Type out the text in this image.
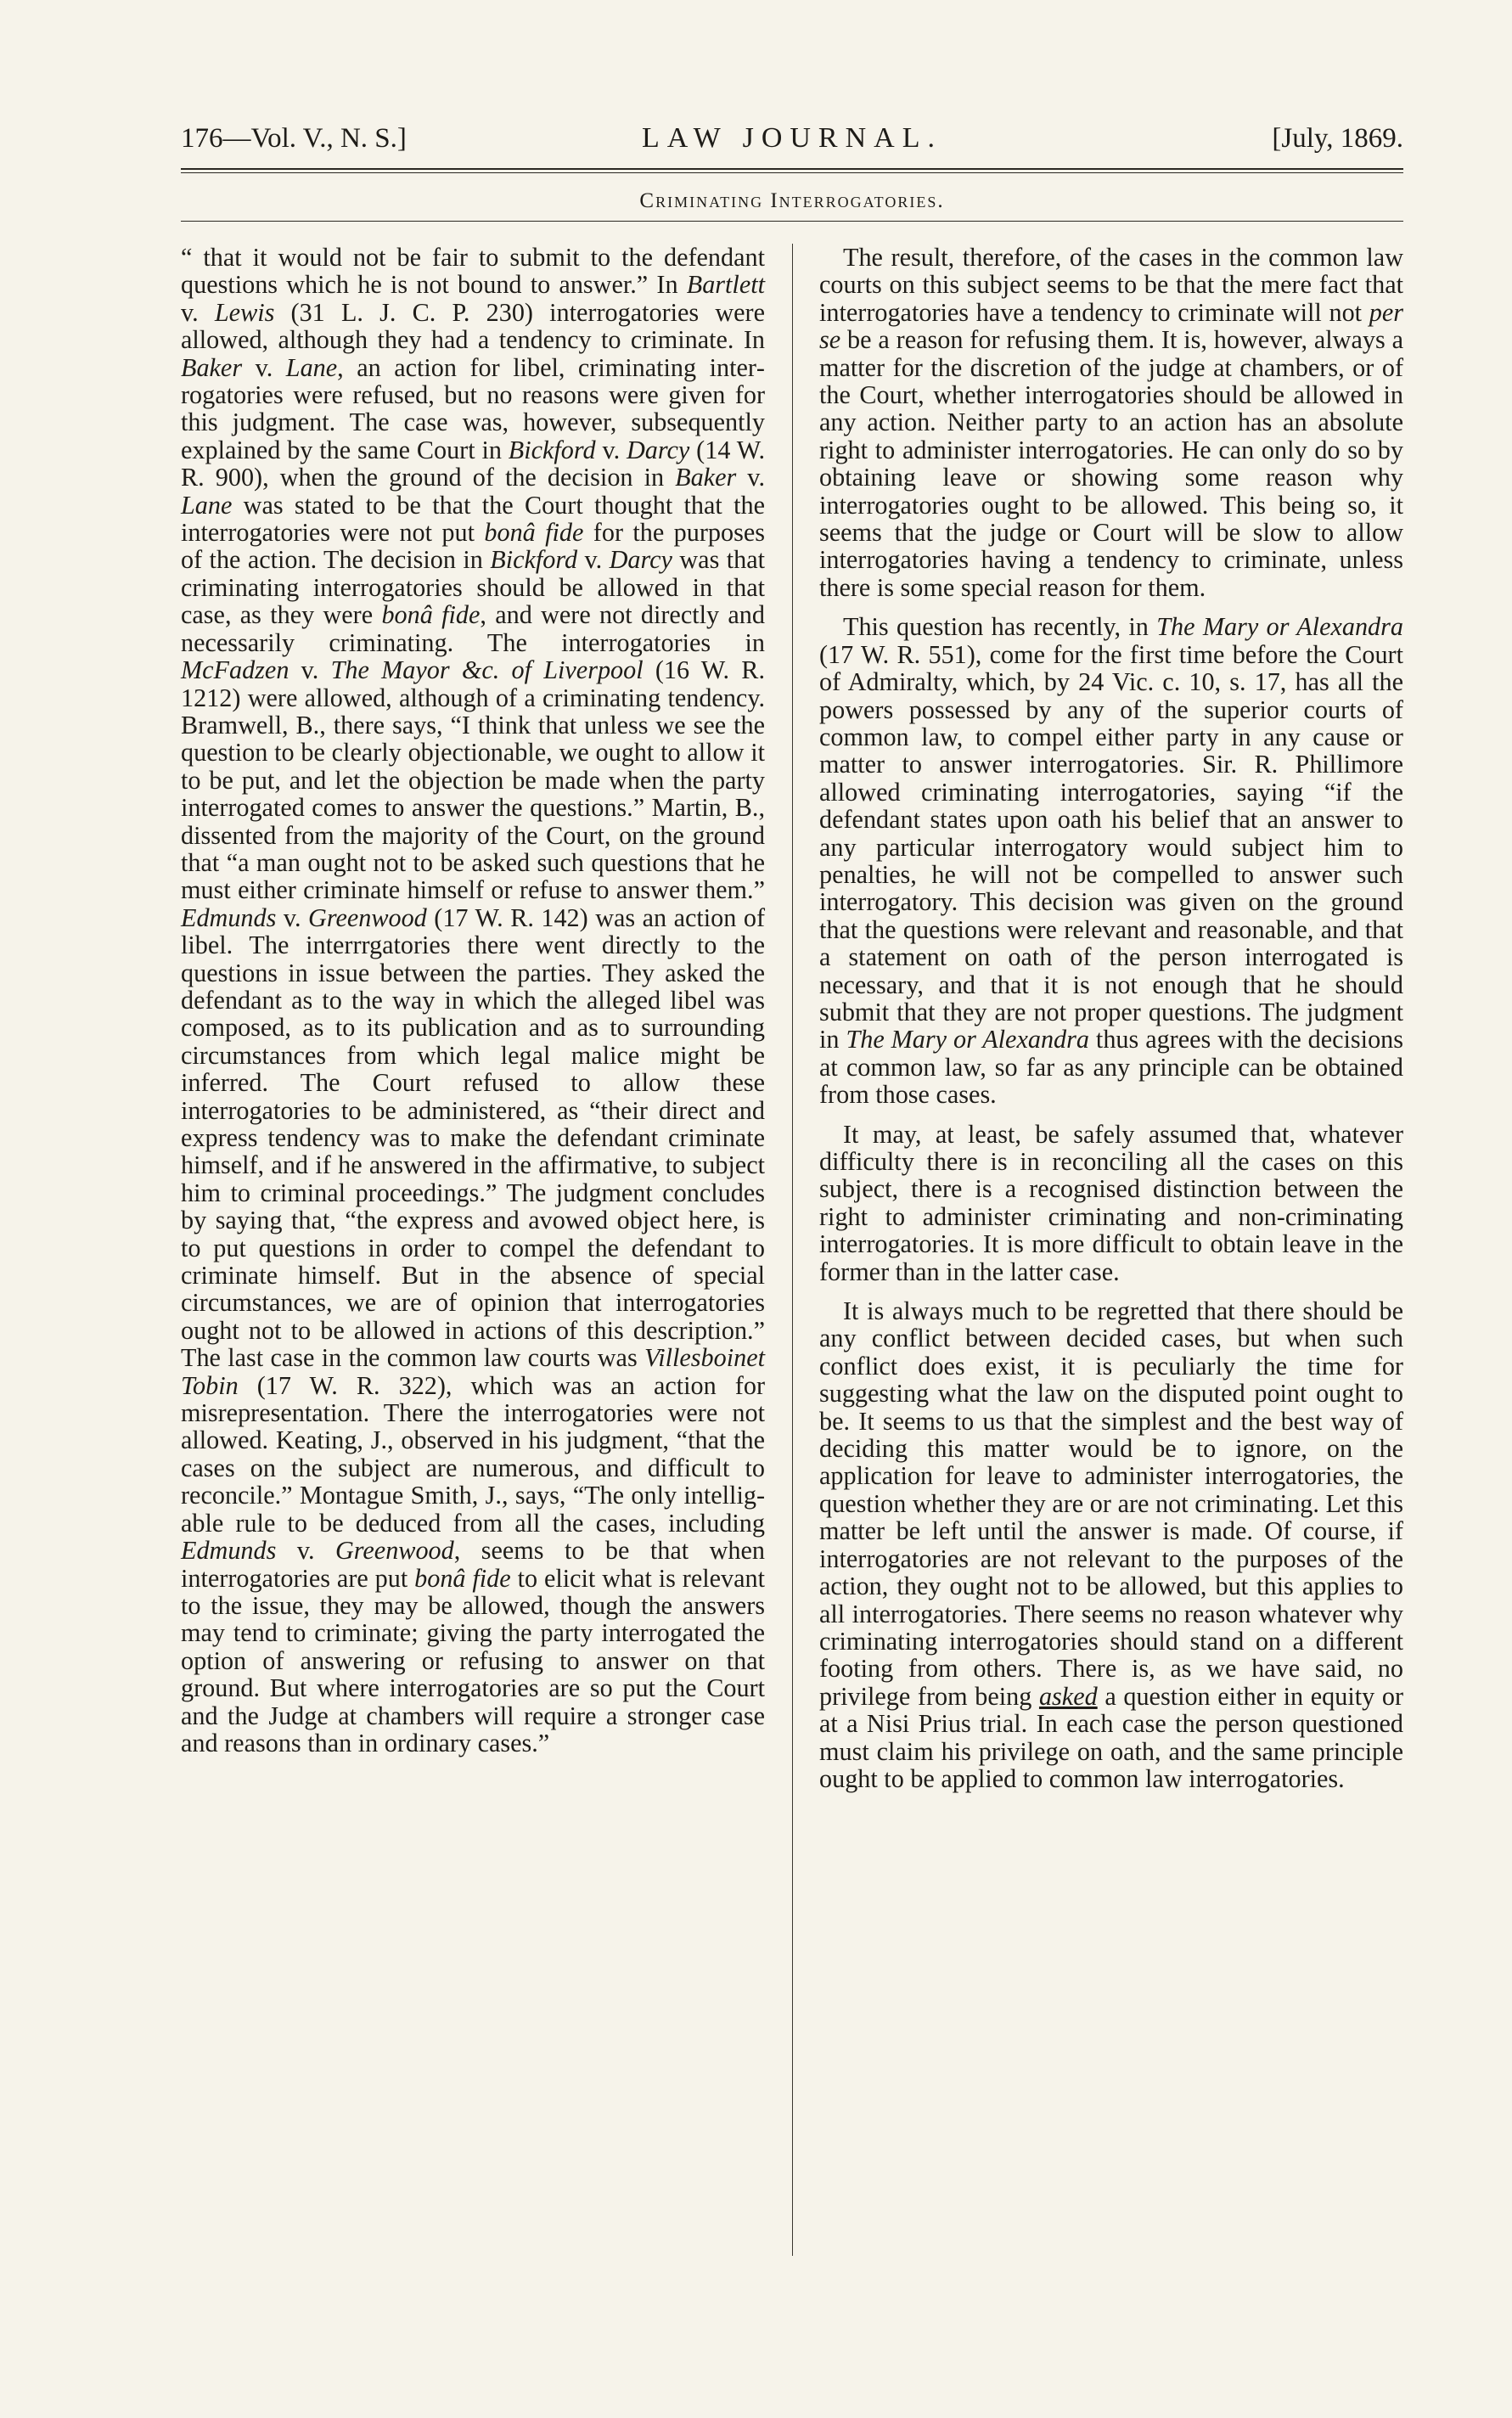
176—Vol. V., N. S.]	LAW JOURNAL.	[July, 1869.
Criminating Interrogatories.

“ that it would not be fair to submit to the defendant questions which he is not bound to answer.” In Bartlett v. Lewis (31 L. J. C. P. 230) interrogatories were allowed, although they had a tendency to criminate. In Baker v. Lane, an action for libel, criminating interrogatories were refused, but no reasons were given for this judgment. The case was, however, subsequently explained by the same Court in Bickford v. Darcy (14 W. R. 900), when the ground of the decision in Baker v. Lane was stated to be that the Court thought that the interrogatories were not put bonâ fide for the purposes of the action. The decision in Bickford v. Darcy was that criminating interrogatories should be allowed in that case, as they were bonâ fide, and were not directly and necessarily criminating. The interrogatories in McFadzen v. The Mayor &c. of Liverpool (16 W. R. 1212) were allowed, although of a criminating tendency. Bramwell, B., there says, “I think that unless we see the question to be clearly objectionable, we ought to allow it to be put, and let the objection be made when the party interrogated comes to answer the questions.” Martin, B., dissented from the majority of the Court, on the ground that “a man ought not to be asked such questions that he must either criminate himself or refuse to answer them.” Edmunds v. Greenwood (17 W. R. 142) was an action of libel. The interrrgatories there went directly to the questions in issue between the parties. They asked the defendant as to the way in which the alleged libel was composed, as to its publication and as to surrounding circumstances from which legal malice might be inferred. The Court refused to allow these interrogatories to be administered, as “their direct and express tendency was to make the defendant criminate himself, and if he answered in the affirmative, to subject him to criminal proceedings.” The judgment concludes by saying that, “the express and avowed object here, is to put questions in order to compel the defendant to criminate himself. But in the absence of special circumstances, we are of opinion that interrogatories ought not to be allowed in actions of this description.” The last case in the common law courts was Villesboinet Tobin (17 W. R. 322), which was an action for misrepresentation. There the interrogatories were not allowed. Keating, J., observed in his judgment, “that the cases on the subject are numerous, and difficult to reconcile.” Montague Smith, J., says, “The only intelligable rule to be deduced from all the cases, including Edmunds v. Greenwood, seems to be that when interrogatories are put bonâ fide to elicit what is relevant to the issue, they may be allowed, though the answers may tend to criminate; giving the party interrogated the option of answering or refusing to answer on that ground. But where interrogatories are so put the Court and the Judge at chambers will require a stronger case and reasons than in ordinary cases.”

The result, therefore, of the cases in the common law courts on this subject seems to be that the mere fact that interrogatories have a tendency to criminate will not per se be a reason for refusing them. It is, however, always a matter for the discretion of the judge at chambers, or of the Court, whether interrogatories should be allowed in any action. Neither party to an action has an absolute right to administer interrogatories. He can only do so by obtaining leave or showing some reason why interrogatories ought to be allowed. This being so, it seems that the judge or Court will be slow to allow interrogatories having a tendency to criminate, unless there is some special reason for them.

This question has recently, in The Mary or Alexandra (17 W. R. 551), come for the first time before the Court of Admiralty, which, by 24 Vic. c. 10, s. 17, has all the powers possessed by any of the superior courts of common law, to compel either party in any cause or matter to answer interrogatories. Sir. R. Phillimore allowed criminating interrogatories, saying “if the defendant states upon oath his belief that an answer to any particular interrogatory would subject him to penalties, he will not be compelled to answer such interrogatory. This decision was given on the ground that the questions were relevant and reasonable, and that a statement on oath of the person interrogated is necessary, and that it is not enough that he should submit that they are not proper questions. The judgment in The Mary or Alexandra thus agrees with the decisions at common law, so far as any principle can be obtained from those cases.

It may, at least, be safely assumed that, whatever difficulty there is in reconciling all the cases on this subject, there is a recognised distinction between the right to administer criminating and non-criminating interrogatories. It is more difficult to obtain leave in the former than in the latter case.

It is always much to be regretted that there should be any conflict between decided cases, but when such conflict does exist, it is peculiarly the time for suggesting what the law on the disputed point ought to be. It seems to us that the simplest and the best way of deciding this matter would be to ignore, on the application for leave to administer interrogatories, the question whether they are or are not criminating. Let this matter be left until the answer is made. Of course, if interrogatories are not relevant to the purposes of the action, they ought not to be allowed, but this applies to all interrogatories. There seems no reason whatever why criminating interrogatories should stand on a different footing from others. There is, as we have said, no privilege from being asked a question either in equity or at a Nisi Prius trial. In each case the person questioned must claim his privilege on oath, and the same principle ought to be applied to common law interrogatories.
